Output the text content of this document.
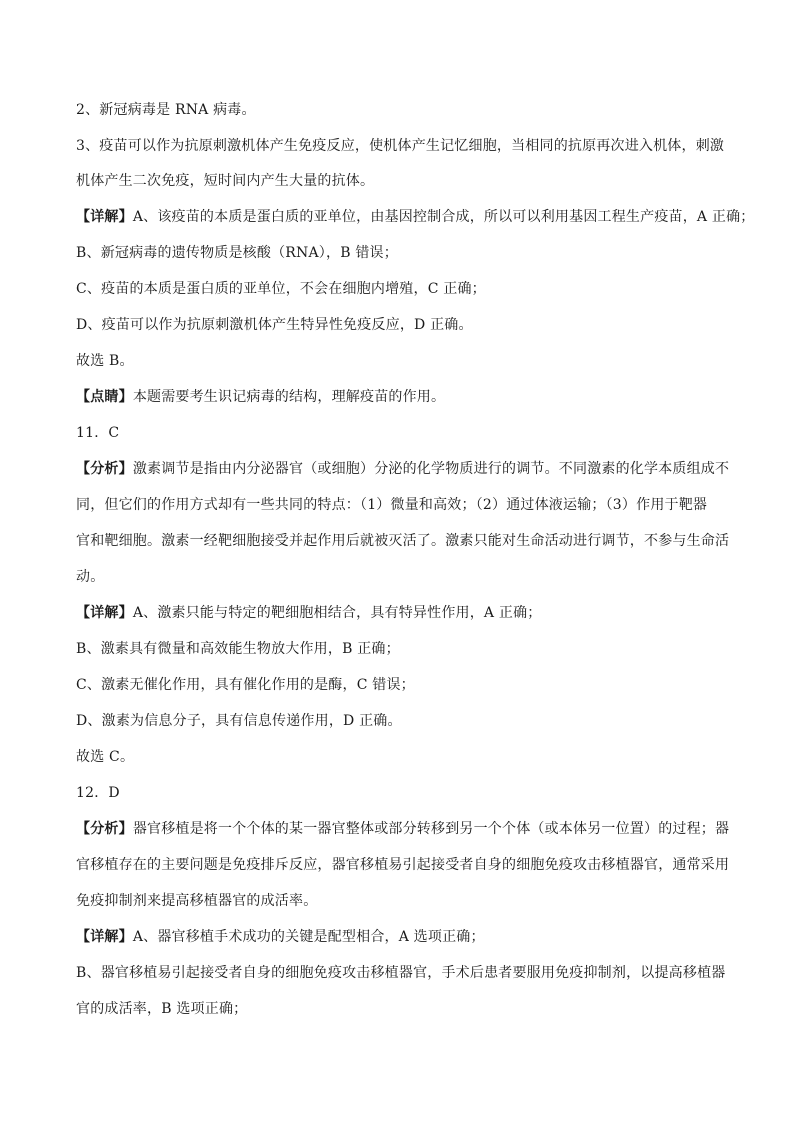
2、新冠病毒是 RNA 病毒。
3、疫苗可以作为抗原刺激机体产生免疫反应，使机体产生记忆细胞，当相同的抗原再次进入机体，刺激
机体产生二次免疫，短时间内产生大量的抗体。
【详解】A、该疫苗的本质是蛋白质的亚单位，由基因控制合成，所以可以利用基因工程生产疫苗，A 正确；
B、新冠病毒的遗传物质是核酸（RNA），B 错误；
C、疫苗的本质是蛋白质的亚单位，不会在细胞内增殖，C 正确；
D、疫苗可以作为抗原刺激机体产生特异性免疫反应，D 正确。
故选 B。
【点睛】本题需要考生识记病毒的结构，理解疫苗的作用。
11．C
【分析】激素调节是指由内分泌器官（或细胞）分泌的化学物质进行的调节。不同激素的化学本质组成不
同，但它们的作用方式却有一些共同的特点：（1）微量和高效；（2）通过体液运输；（3）作用于靶器
官和靶细胞。激素一经靶细胞接受并起作用后就被灭活了。激素只能对生命活动进行调节，不参与生命活
动。
【详解】A、激素只能与特定的靶细胞相结合，具有特异性作用，A 正确；
B、激素具有微量和高效能生物放大作用，B 正确；
C、激素无催化作用，具有催化作用的是酶，C 错误；
D、激素为信息分子，具有信息传递作用，D 正确。
故选 C。
12．D
【分析】器官移植是将一个个体的某一器官整体或部分转移到另一个个体（或本体另一位置）的过程；器
官移植存在的主要问题是免疫排斥反应，器官移植易引起接受者自身的细胞免疫攻击移植器官，通常采用
免疫抑制剂来提高移植器官的成活率。
【详解】A、器官移植手术成功的关键是配型相合，A 选项正确；
B、器官移植易引起接受者自身的细胞免疫攻击移植器官，手术后患者要服用免疫抑制剂，以提高移植器
官的成活率，B 选项正确；
